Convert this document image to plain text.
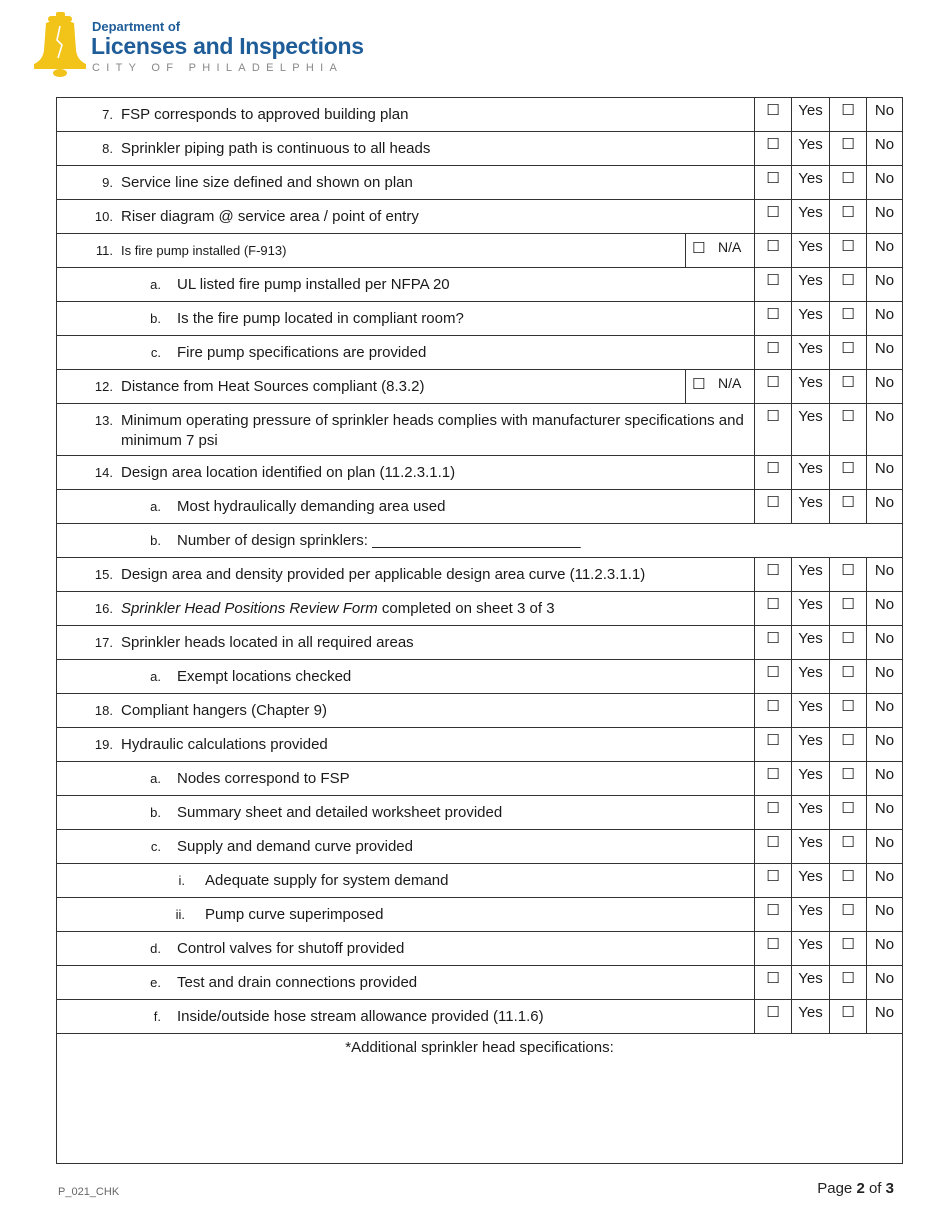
Department of
Licenses and Inspections
CITY OF PHILADELPHIA
7. FSP corresponds to approved building plan		☐	Yes	☐	No

8. Sprinkler piping path is continuous to all heads		☐	Yes	☐	No

9. Service line size defined and shown on plan		☐	Yes	☐	No

10. Riser diagram @ service area / point of entry		☐	Yes	☐	No

11. Is fire pump installed (F-913)	☐ N/A	☐	Yes	☐	No

a. UL listed fire pump installed per NFPA 20		☐	Yes	☐	No

b. Is the fire pump located in compliant room?		☐	Yes	☐	No

c. Fire pump specifications are provided		☐	Yes	☐	No

12. Distance from Heat Sources compliant (8.3.2)	☐ N/A	☐	Yes	☐	No

13. Minimum operating pressure of sprinkler heads complies with manufacturer specifications and minimum 7 psi		☐	Yes	☐	No

14. Design area location identified on plan (11.2.3.1.1)		☐	Yes	☐	No

a. Most hydraulically demanding area used		☐	Yes	☐	No

b. Number of design sprinklers: _________________________					

15. Design area and density provided per applicable design area curve (11.2.3.1.1)		☐	Yes	☐	No

16. Sprinkler Head Positions Review Form completed on sheet 3 of 3		☐	Yes	☐	No

17. Sprinkler heads located in all required areas		☐	Yes	☐	No

a. Exempt locations checked		☐	Yes	☐	No

18. Compliant hangers (Chapter 9)		☐	Yes	☐	No

19. Hydraulic calculations provided		☐	Yes	☐	No

a. Nodes correspond to FSP		☐	Yes	☐	No

b. Summary sheet and detailed worksheet provided		☐	Yes	☐	No

c. Supply and demand curve provided		☐	Yes	☐	No

i. Adequate supply for system demand		☐	Yes	☐	No

ii. Pump curve superimposed		☐	Yes	☐	No

d. Control valves for shutoff provided		☐	Yes	☐	No

e. Test and drain connections provided		☐	Yes	☐	No

f. Inside/outside hose stream allowance provided (11.1.6)		☐	Yes	☐	No

*Additional sprinkler head specifications:					
P_021_CHK	Page 2 of 3
